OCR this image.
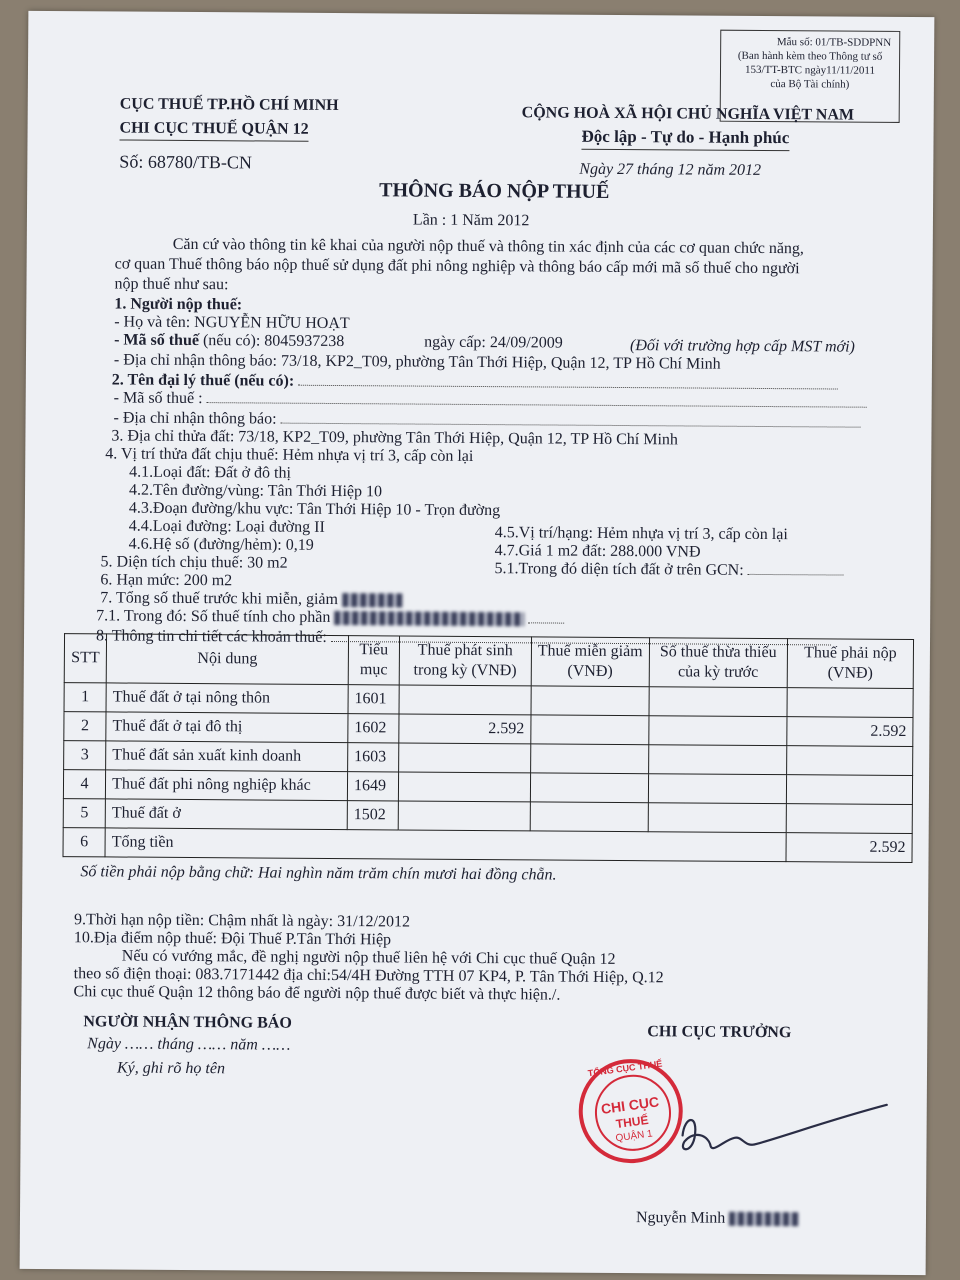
Mẫu số: 01/TB-SDDPNN
(Ban hành kèm theo Thông tư số
153/TT-BTC ngày11/11/2011
của Bộ Tài chính)
CỤC THUẾ TP.HỒ CHÍ MINH
CHI CỤC THUẾ QUẬN 12
Số: 68780/TB-CN
CỘNG HOÀ XÃ HỘI CHỦ NGHĨA VIỆT NAM
Độc lập - Tự do - Hạnh phúc
Ngày 27 tháng 12 năm 2012
THÔNG BÁO NỘP THUẾ
Lần : 1 Năm 2012
Căn cứ vào thông tin kê khai của người nộp thuế và thông tin xác định của các cơ quan chức năng,
cơ quan Thuế thông báo nộp thuế sử dụng đất phi nông nghiệp và thông báo cấp mới mã số thuế cho người
nộp thuế như sau:
1. Người nộp thuế:
- Họ và tên: NGUYỄN HỮU HOẠT
- Mã số thuế (nếu có): 8045937238	ngày cấp: 24/09/2009	(Đối với trường hợp cấp MST mới)
- Địa chỉ nhận thông báo: 73/18, KP2_T09, phường Tân Thới Hiệp, Quận 12, TP Hồ Chí Minh
2. Tên đại lý thuế (nếu có):
- Mã số thuế :
- Địa chỉ nhận thông báo:
3. Địa chỉ thửa đất: 73/18, KP2_T09, phường Tân Thới Hiệp, Quận 12, TP Hồ Chí Minh
4. Vị trí thửa đất chịu thuế: Hẻm nhựa vị trí 3, cấp còn lại
4.1.Loại đất: Đất ở đô thị
4.2.Tên đường/vùng: Tân Thới Hiệp 10
4.3.Đoạn đường/khu vực: Tân Thới Hiệp 10 - Trọn đường
4.4.Loại đường: Loại đường II	4.5.Vị trí/hạng: Hẻm nhựa vị trí 3, cấp còn lại
4.6.Hệ số (đường/hẻm): 0,19	4.7.Giá 1 m2 đất: 288.000 VNĐ
5. Diện tích chịu thuế: 30 m2	5.1.Trong đó diện tích đất ở trên GCN:
6. Hạn mức: 200 m2
7. Tổng số thuế trước khi miễn, giảm
7.1. Trong đó: Số thuế tính cho phần
8. Thông tin chi tiết các khoản thuế:
STT	Nội dung	Tiểu mục	Thuế phát sinh trong kỳ (VNĐ)	Thuế miễn giảm (VNĐ)	Số thuế thừa thiếu của kỳ trước	Thuế phải nộp (VNĐ)
1	Thuế đất ở tại nông thôn	1601				
2	Thuế đất ở tại đô thị	1602	2.592			2.592
3	Thuế đất sản xuất kinh doanh	1603				
4	Thuế đất phi nông nghiệp khác	1649				
5	Thuế đất ở	1502				
6	Tổng tiền					2.592
Số tiền phải nộp bằng chữ: Hai nghìn năm trăm chín mươi hai đồng chẵn.
9.Thời hạn nộp tiền: Chậm nhất là ngày: 31/12/2012
10.Địa điểm nộp thuế: Đội Thuế P.Tân Thới Hiệp
Nếu có vướng mắc, đề nghị người nộp thuế liên hệ với Chi cục thuế Quận 12
theo số điện thoại: 083.7171442 địa chỉ:54/4H Đường TTH 07 KP4, P. Tân Thới Hiệp, Q.12
Chi cục thuế Quận 12 thông báo để người nộp thuế được biết và thực hiện./.
NGƯỜI NHẬN THÔNG BÁO
Ngày …… tháng …… năm ……
Ký, ghi rõ họ tên
CHI CỤC TRƯỞNG
TỔNG CỤC THUẾ
CHI CỤC
THUẾ
QUẬN 1
Nguyễn Minh
